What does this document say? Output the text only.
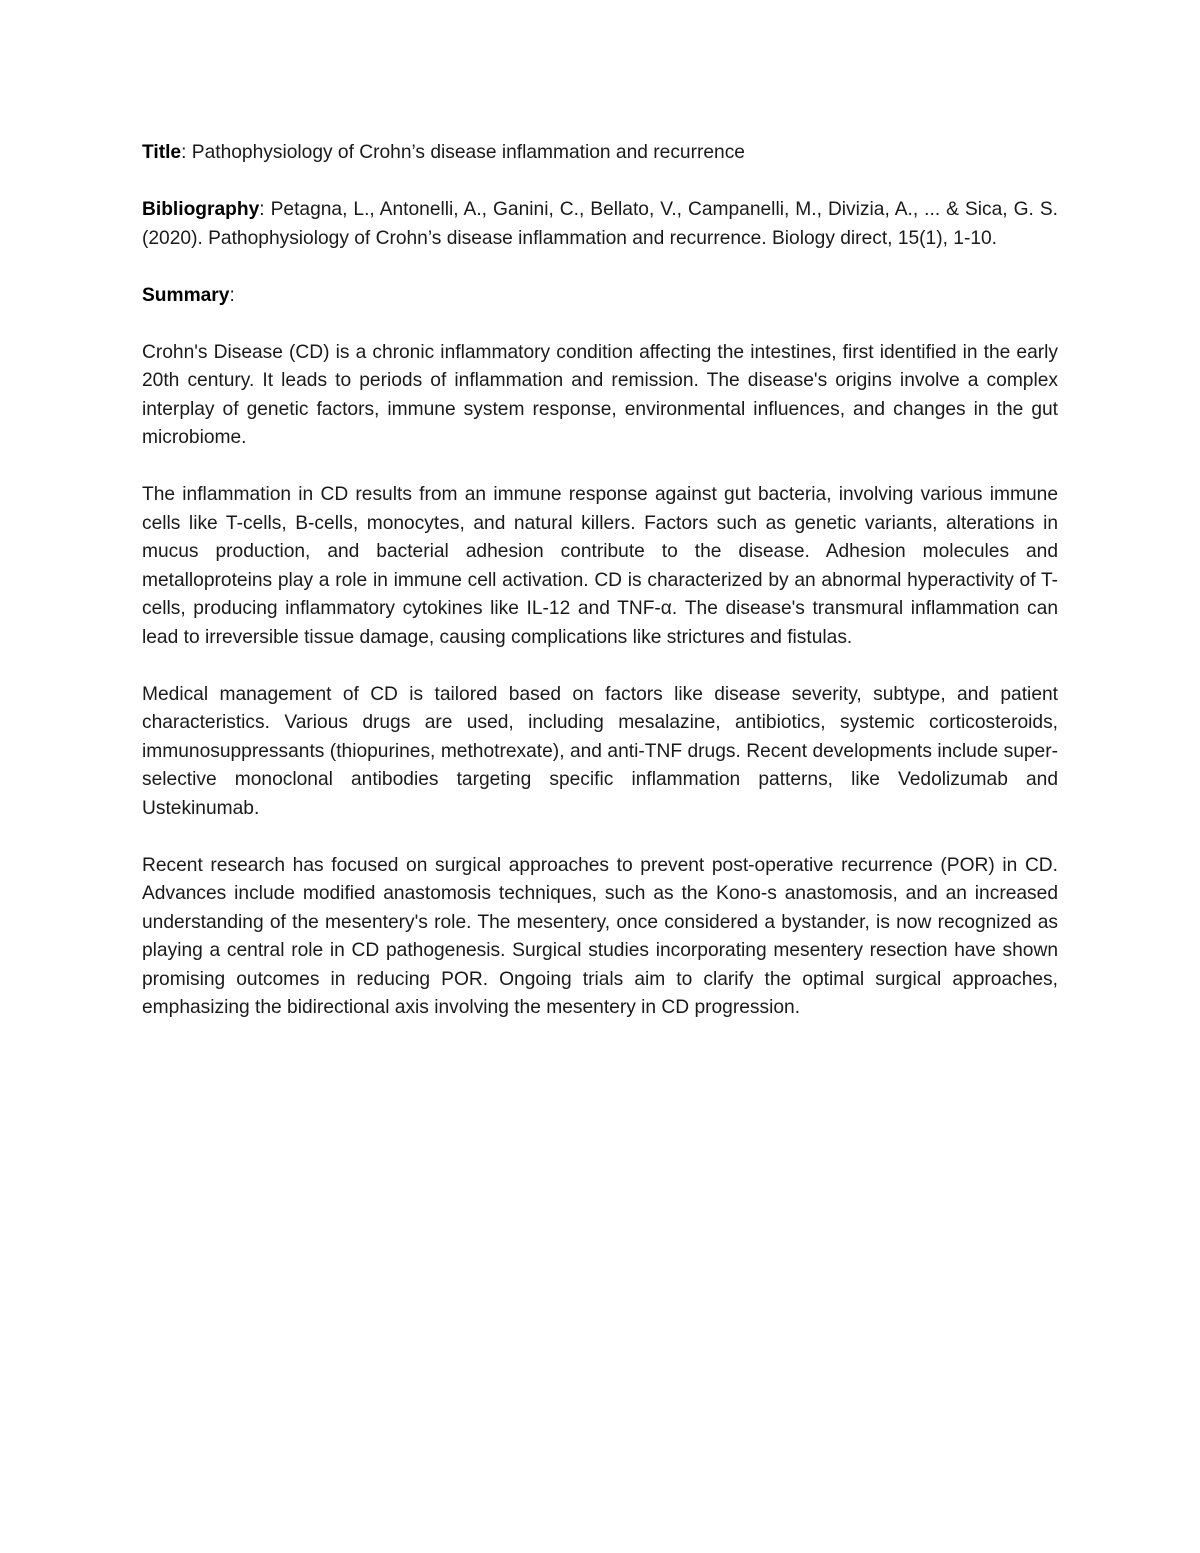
Title: Pathophysiology of Crohn’s disease inflammation and recurrence

Bibliography: Petagna, L., Antonelli, A., Ganini, C., Bellato, V., Campanelli, M., Divizia, A., ... & Sica, G. S. (2020). Pathophysiology of Crohn’s disease inflammation and recurrence. Biology direct, 15(1), 1-10.

Summary:

Crohn's Disease (CD) is a chronic inflammatory condition affecting the intestines, first identified in the early 20th century. It leads to periods of inflammation and remission. The disease's origins involve a complex interplay of genetic factors, immune system response, environmental influences, and changes in the gut microbiome.

The inflammation in CD results from an immune response against gut bacteria, involving various immune cells like T-cells, B-cells, monocytes, and natural killers. Factors such as genetic variants, alterations in mucus production, and bacterial adhesion contribute to the disease. Adhesion molecules and metalloproteins play a role in immune cell activation. CD is characterized by an abnormal hyperactivity of T-cells, producing inflammatory cytokines like IL-12 and TNF-α. The disease's transmural inflammation can lead to irreversible tissue damage, causing complications like strictures and fistulas.

Medical management of CD is tailored based on factors like disease severity, subtype, and patient characteristics. Various drugs are used, including mesalazine, antibiotics, systemic corticosteroids, immunosuppressants (thiopurines, methotrexate), and anti-TNF drugs. Recent developments include super-selective monoclonal antibodies targeting specific inflammation patterns, like Vedolizumab and Ustekinumab.

Recent research has focused on surgical approaches to prevent post-operative recurrence (POR) in CD. Advances include modified anastomosis techniques, such as the Kono-s anastomosis, and an increased understanding of the mesentery's role. The mesentery, once considered a bystander, is now recognized as playing a central role in CD pathogenesis. Surgical studies incorporating mesentery resection have shown promising outcomes in reducing POR. Ongoing trials aim to clarify the optimal surgical approaches, emphasizing the bidirectional axis involving the mesentery in CD progression.
